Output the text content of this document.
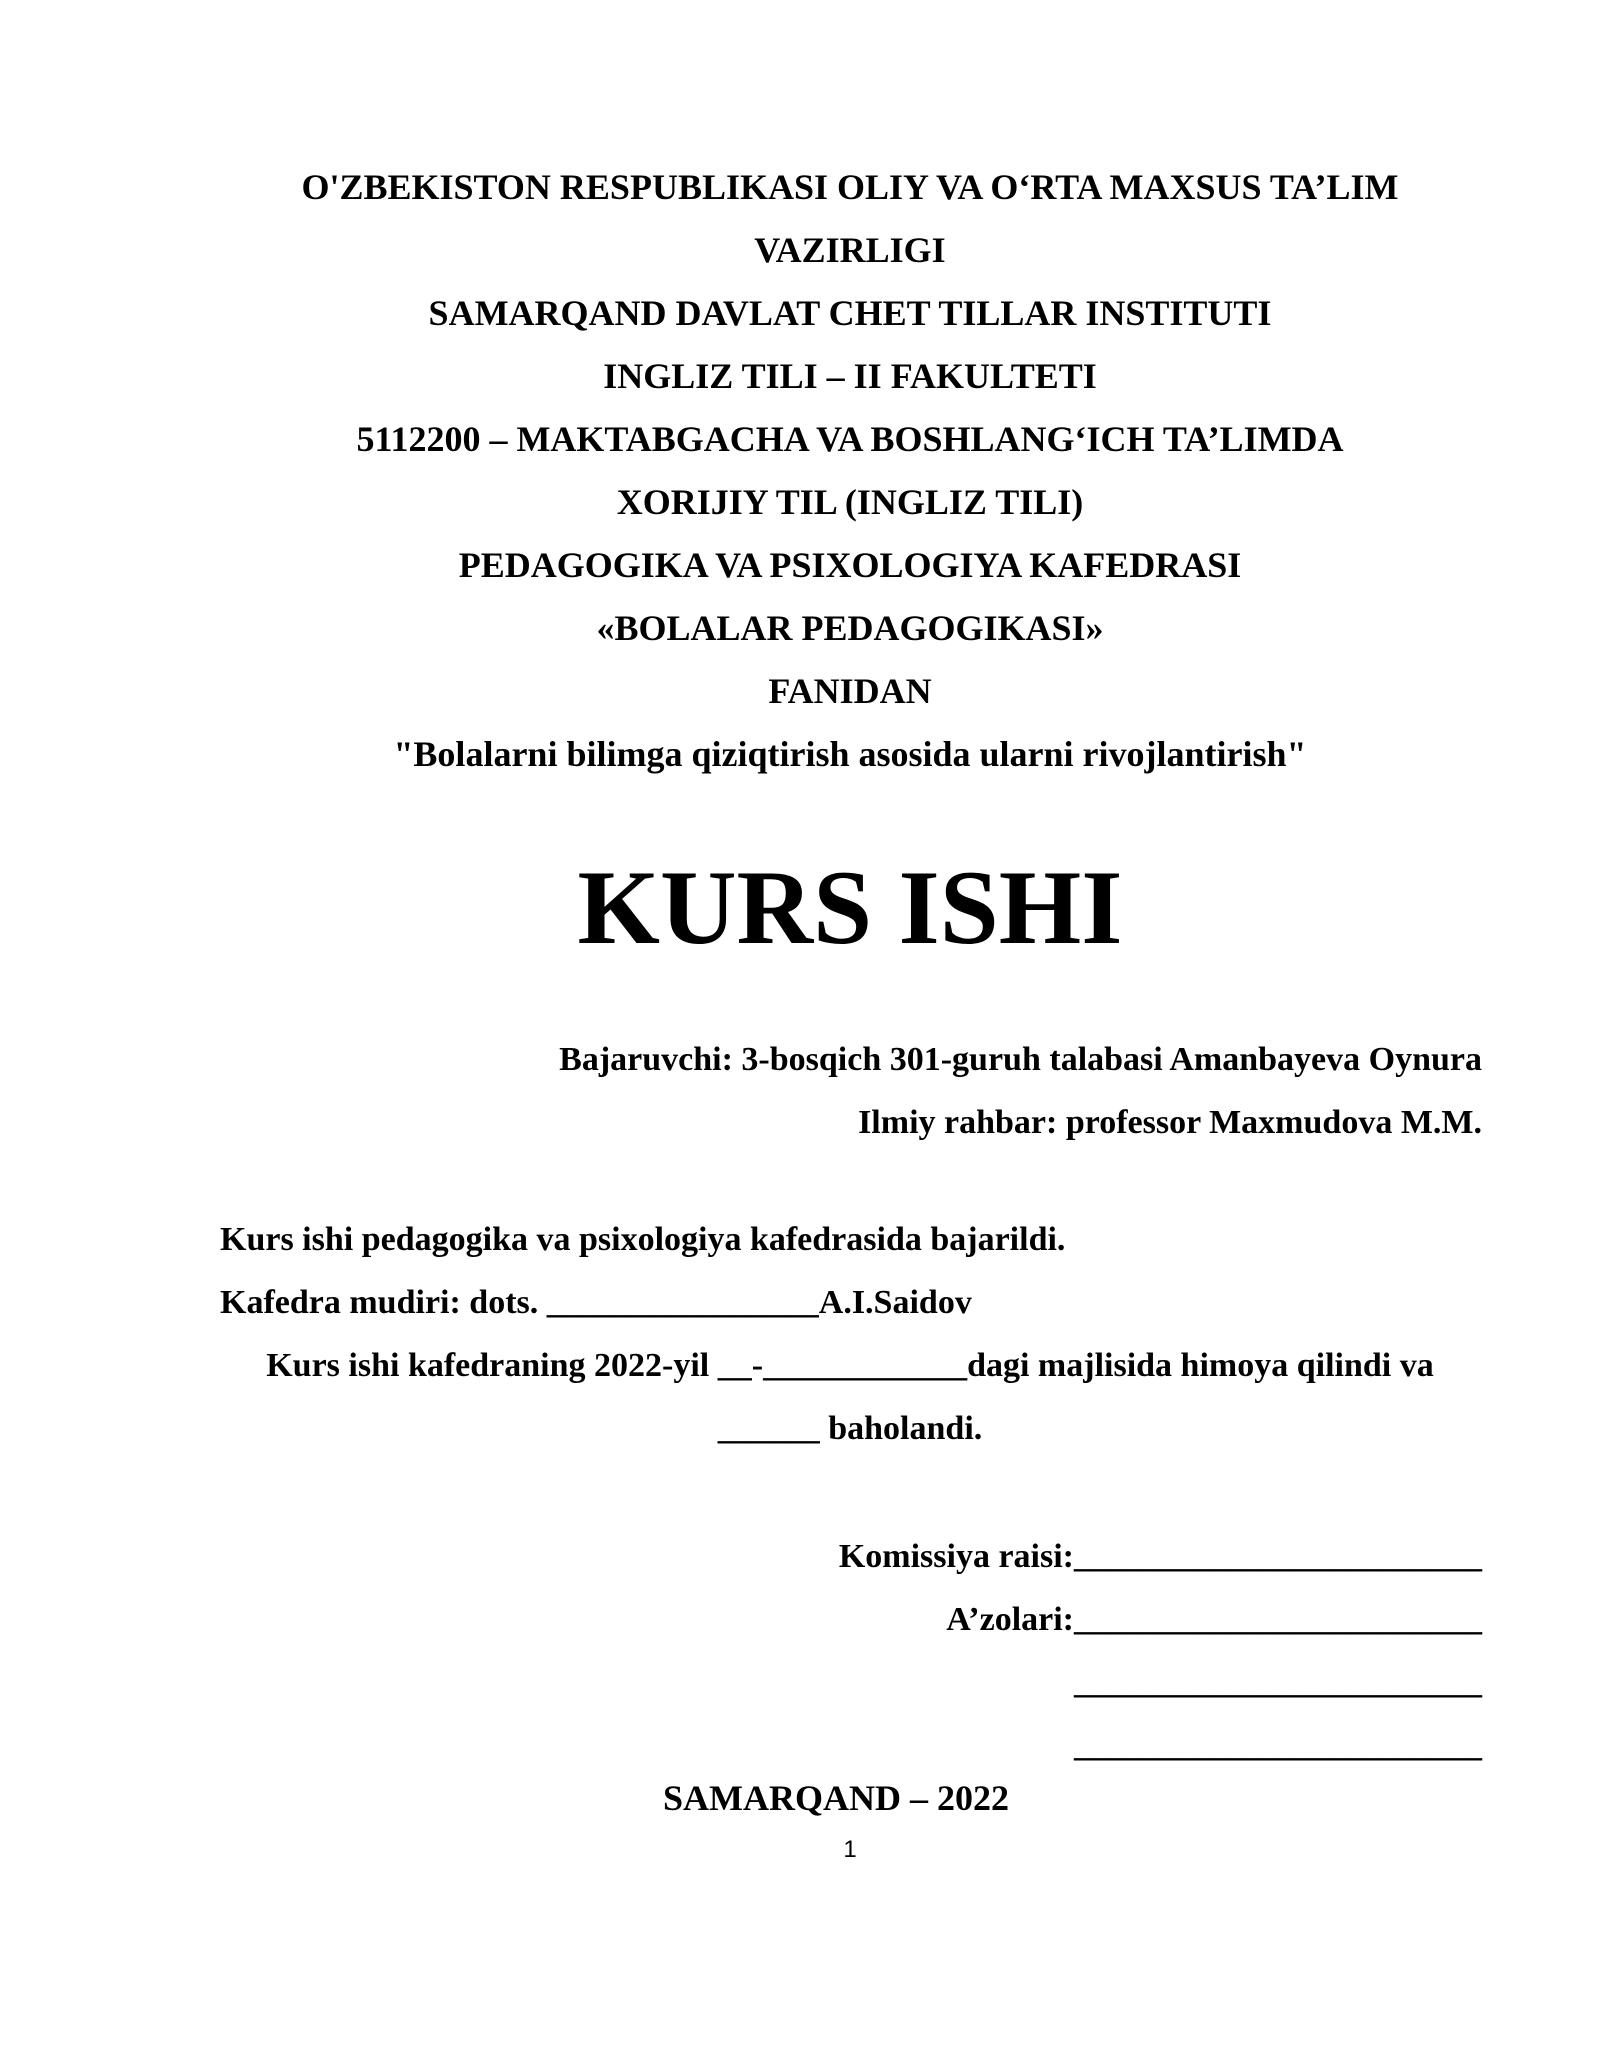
O'ZBEKISTON RESPUBLIKASI OLIY VA O‘RTA MAXSUS TA’LIM
VAZIRLIGI
SAMARQAND DAVLAT CHET TILLAR INSTITUTI
INGLIZ TILI – II FAKULTETI
5112200 – MAKTABGACHA VA BOSHLANG‘ICH TA’LIMDA
XORIJIY TIL (INGLIZ TILI)
PEDAGOGIKA VA PSIXOLOGIYA KAFEDRASI
«BOLALAR PEDAGOGIKASI»
FANIDAN
"Bolalarni bilimga qiziqtirish asosida ularni rivojlantirish"
KURS ISHI
Bajaruvchi: 3-bosqich 301-guruh talabasi Amanbayeva Oynura
Ilmiy rahbar: professor Maxmudova M.M.
Kurs ishi pedagogika va psixologiya kafedrasida bajarildi.
Kafedra mudiri: dots. ________________A.I.Saidov
Kurs ishi kafedraning 2022-yil __-____________dagi majlisida himoya qilindi va
______ baholandi.
Komissiya raisi:________________________
A’zolari:________________________
________________________
________________________
SAMARQAND – 2022
1
